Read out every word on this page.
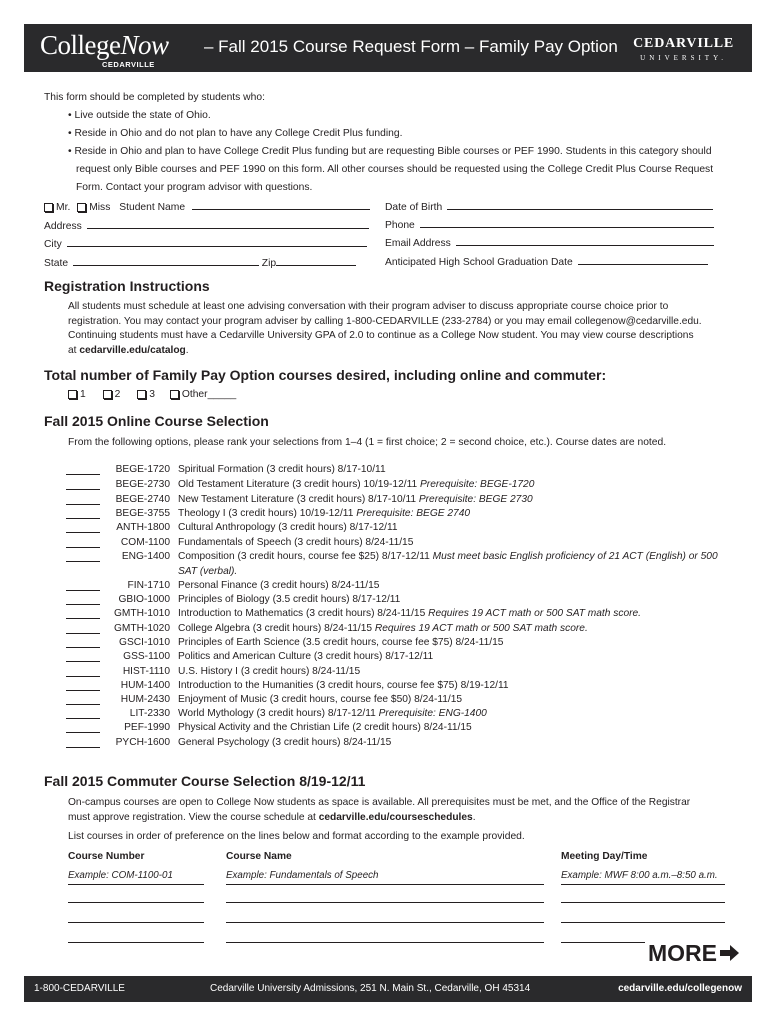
CollegeNow
CEDARVILLE
– Fall 2015 Course Request Form – Family Pay Option CEDARVILLE
UNIVERSITY.
This form should be completed by students who:
• Live outside the state of Ohio.
• Reside in Ohio and do not plan to have any College Credit Plus funding.
• Reside in Ohio and plan to have College Credit Plus funding but are requesting Bible courses or PEF 1990. Students in this category should
request only Bible courses and PEF 1990 on this form. All other courses should be requested using the College Credit Plus Course Request
Form. Contact your program advisor with questions.
Mr. Miss Student Name
Address
City
State	Zip
Date of Birth
Phone
Email Address
Anticipated High School Graduation Date
Registration Instructions
All students must schedule at least one advising conversation with their program adviser to discuss appropriate course choice prior to
registration. You may contact your program adviser by calling 1-800-CEDARVILLE (233-2784) or you may email collegenow@cedarville.edu.
Continuing students must have a Cedarville University GPA of 2.0 to continue as a College Now student. You may view course descriptions
at cedarville.edu/catalog.
Total number of Family Pay Option courses desired, including online and commuter:
1	2	3	Other_____
Fall 2015 Online Course Selection
From the following options, please rank your selections from 1–4 (1 = first choice; 2 = second choice, etc.). Course dates are noted.
BEGE-1720 Spiritual Formation (3 credit hours) 8/17-10/11
BEGE-2730 Old Testament Literature (3 credit hours) 10/19-12/11 Prerequisite: BEGE-1720
BEGE-2740 New Testament Literature (3 credit hours) 8/17-10/11 Prerequisite: BEGE 2730
BEGE-3755 Theology I (3 credit hours) 10/19-12/11 Prerequisite: BEGE 2740
ANTH-1800 Cultural Anthropology (3 credit hours) 8/17-12/11
COM-1100 Fundamentals of Speech (3 credit hours) 8/24-11/15
ENG-1400 Composition (3 credit hours, course fee $25) 8/17-12/11 Must meet basic English proficiency of 21 ACT (English) or 500
SAT (verbal).
FIN-1710 Personal Finance (3 credit hours) 8/24-11/15
GBIO-1000 Principles of Biology (3.5 credit hours) 8/17-12/11
GMTH-1010 Introduction to Mathematics (3 credit hours) 8/24-11/15 Requires 19 ACT math or 500 SAT math score.
GMTH-1020 College Algebra (3 credit hours) 8/24-11/15 Requires 19 ACT math or 500 SAT math score.
GSCI-1010 Principles of Earth Science (3.5 credit hours, course fee $75) 8/24-11/15
GSS-1100 Politics and American Culture (3 credit hours) 8/17-12/11
HIST-1110 U.S. History I (3 credit hours) 8/24-11/15
HUM-1400 Introduction to the Humanities (3 credit hours, course fee $75) 8/19-12/11
HUM-2430 Enjoyment of Music (3 credit hours, course fee $50) 8/24-11/15
LIT-2330 World Mythology (3 credit hours) 8/17-12/11 Prerequisite: ENG-1400
PEF-1990 Physical Activity and the Christian Life (2 credit hours) 8/24-11/15
PYCH-1600 General Psychology (3 credit hours) 8/24-11/15
Fall 2015 Commuter Course Selection 8/19-12/11
On-campus courses are open to College Now students as space is available. All prerequisites must be met, and the Office of the Registrar
must approve registration. View the course schedule at cedarville.edu/courseschedules.
List courses in order of preference on the lines below and format according to the example provided.
Course Number	Course Name	Meeting Day/Time
Example: COM-1100-01	Example: Fundamentals of Speech	Example: MWF 8:00 a.m.–8:50 a.m.
MORE
1-800-CEDARVILLE	Cedarville University Admissions, 251 N. Main St., Cedarville, OH 45314	cedarville.edu/collegenow
